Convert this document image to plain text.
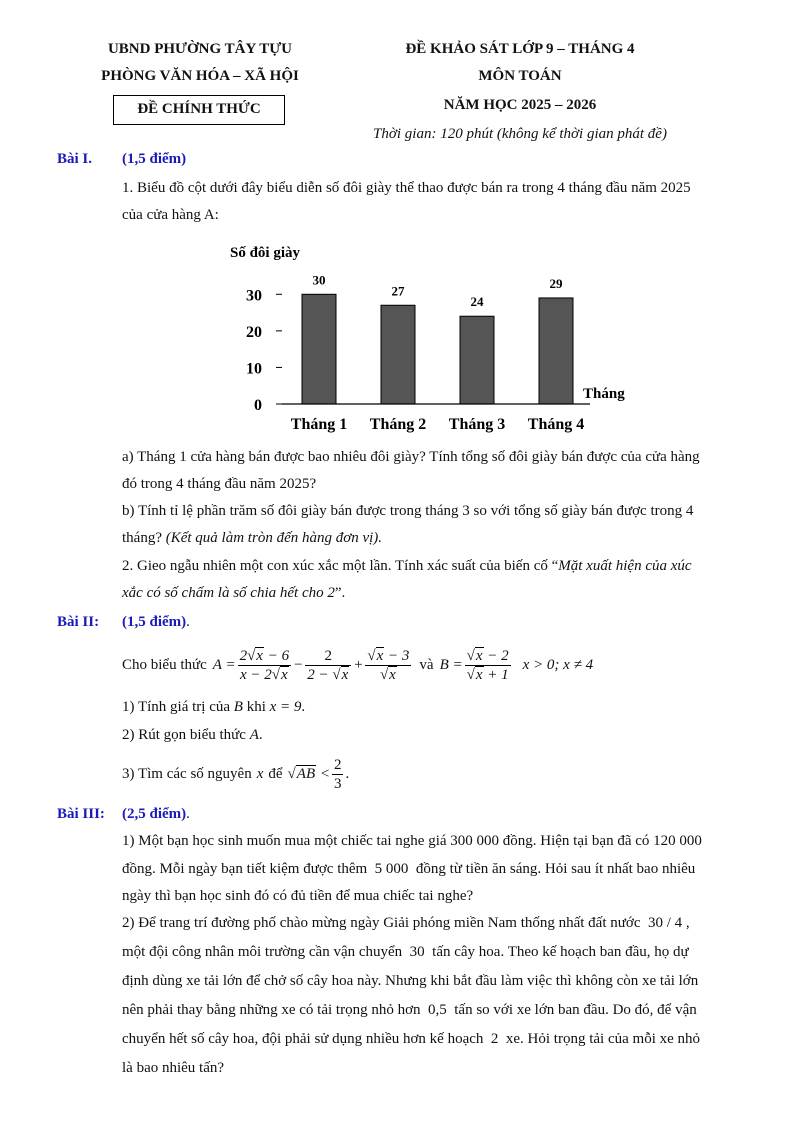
UBND PHƯỜNG TÂY TỰU
PHÒNG VĂN HÓA – XÃ HỘI
ĐỀ CHÍNH THỨC
ĐỀ KHẢO SÁT LỚP 9 – THÁNG 4
MÔN TOÁN
NĂM HỌC 2025 – 2026
Thời gian: 120 phút (không kể thời gian phát đề)
Bài I. (1,5 điểm)
1. Biểu đồ cột dưới đây biểu diễn số đôi giày thể thao được bán ra trong 4 tháng đầu năm 2025
của cửa hàng A:
Số đôi giày
0
10
20
30
30
27
24
29
Tháng
Tháng 1 Tháng 2 Tháng 3 Tháng 4
a) Tháng 1 cửa hàng bán được bao nhiêu đôi giày? Tính tổng số đôi giày bán được của cửa hàng
đó trong 4 tháng đầu năm 2025?
b) Tính tỉ lệ phần trăm số đôi giày bán được trong tháng 3 so với tổng số giày bán được trong 4
tháng? (Kết quả làm tròn đến hàng đơn vị).
2. Gieo ngẫu nhiên một con xúc xắc một lần. Tính xác suất của biến cố “Mặt xuất hiện của xúc
xắc có số chấm là số chia hết cho 2”.
Bài II: (1,5 điểm).
Cho biểu thức $A = \frac{2√x - 6}{x - 2√x} - \frac{2}{2 - √x} + \frac{√x - 3}{√x}$ và $B = \frac{√x - 2}{√x + 1}$ x > 0; x ≠ 4
1) Tính giá trị của B khi x = 9.
2) Rút gọn biểu thức A.
3) Tìm các số nguyên x để $√AB < \frac{2}{3}$ .
Bài III: (2,5 điểm).
1) Một bạn học sinh muốn mua một chiếc tai nghe giá 300 000 đồng. Hiện tại bạn đã có 120 000
đồng. Mỗi ngày bạn tiết kiệm được thêm  5 000  đồng từ tiền ăn sáng. Hỏi sau ít nhất bao nhiêu
ngày thì bạn học sinh đó có đủ tiền để mua chiếc tai nghe?
2) Để trang trí đường phố chào mừng ngày Giải phóng miền Nam thống nhất đất nước  30 / 4 ,
một đội công nhân môi trường cần vận chuyển  30  tấn cây hoa. Theo kế hoạch ban đầu, họ dự
định dùng xe tải lớn để chở số cây hoa này. Nhưng khi bắt đầu làm việc thì không còn xe tải lớn
nên phải thay bằng những xe có tải trọng nhỏ hơn  0,5  tấn so với xe lớn ban đầu. Do đó, để vận
chuyển hết số cây hoa, đội phải sử dụng nhiều hơn kế hoạch  2  xe. Hỏi trọng tải của mỗi xe nhỏ
là bao nhiêu tấn?
